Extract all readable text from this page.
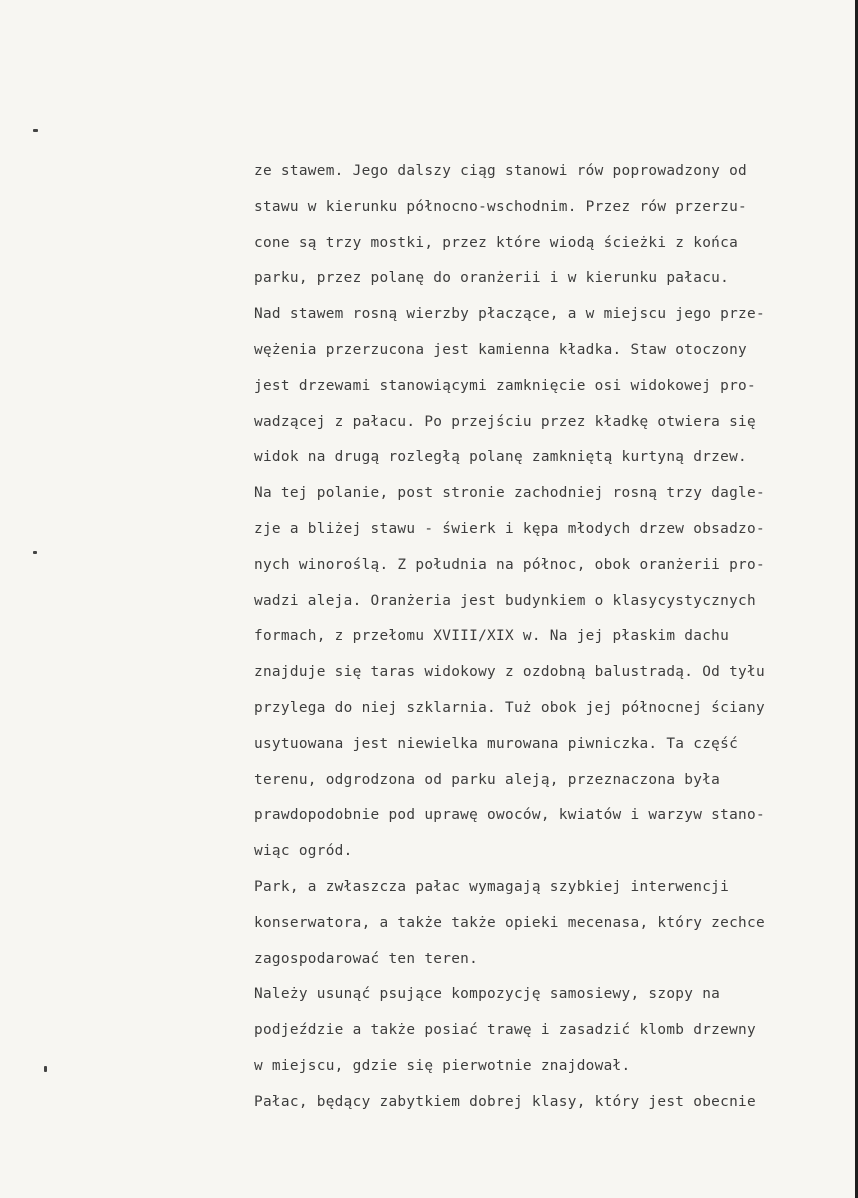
ze stawem. Jego dalszy ciąg stanowi rów poprowadzony od
stawu w kierunku północno-wschodnim. Przez rów przerzu-
cone są trzy mostki, przez które wiodą ścieżki z końca
parku, przez polanę do oranżerii i w kierunku pałacu.
Nad stawem rosną wierzby płaczące, a w miejscu jego prze-
wężenia przerzucona jest kamienna kładka. Staw otoczony
jest drzewami stanowiącymi zamknięcie osi widokowej pro-
wadzącej z pałacu. Po przejściu przez kładkę otwiera się
widok na drugą rozległą polanę zamkniętą kurtyną drzew.
Na tej polanie, post stronie zachodniej rosną trzy dagle-
zje a bliżej stawu - świerk i kępa młodych drzew obsadzo-
nych winoroślą. Z południa na północ, obok oranżerii pro-
wadzi aleja. Oranżeria jest budynkiem o klasycystycznych
formach, z przełomu XVIII/XIX w. Na jej płaskim dachu
znajduje się taras widokowy z ozdobną balustradą. Od tyłu
przylega do niej szklarnia. Tuż obok jej północnej ściany
usytuowana jest niewielka murowana piwniczka. Ta część
terenu, odgrodzona od parku aleją, przeznaczona była
prawdopodobnie pod uprawę owoców, kwiatów i warzyw stano-
wiąc ogród.
Park, a zwłaszcza pałac wymagają szybkiej interwencji
konserwatora, a także także opieki mecenasa, który zechce
zagospodarować ten teren.
Należy usunąć psujące kompozycję samosiewy, szopy na
podjeździe a także posiać trawę i zasadzić klomb drzewny
w miejscu, gdzie się pierwotnie znajdował.
Pałac, będący zabytkiem dobrej klasy, który jest obecnie
